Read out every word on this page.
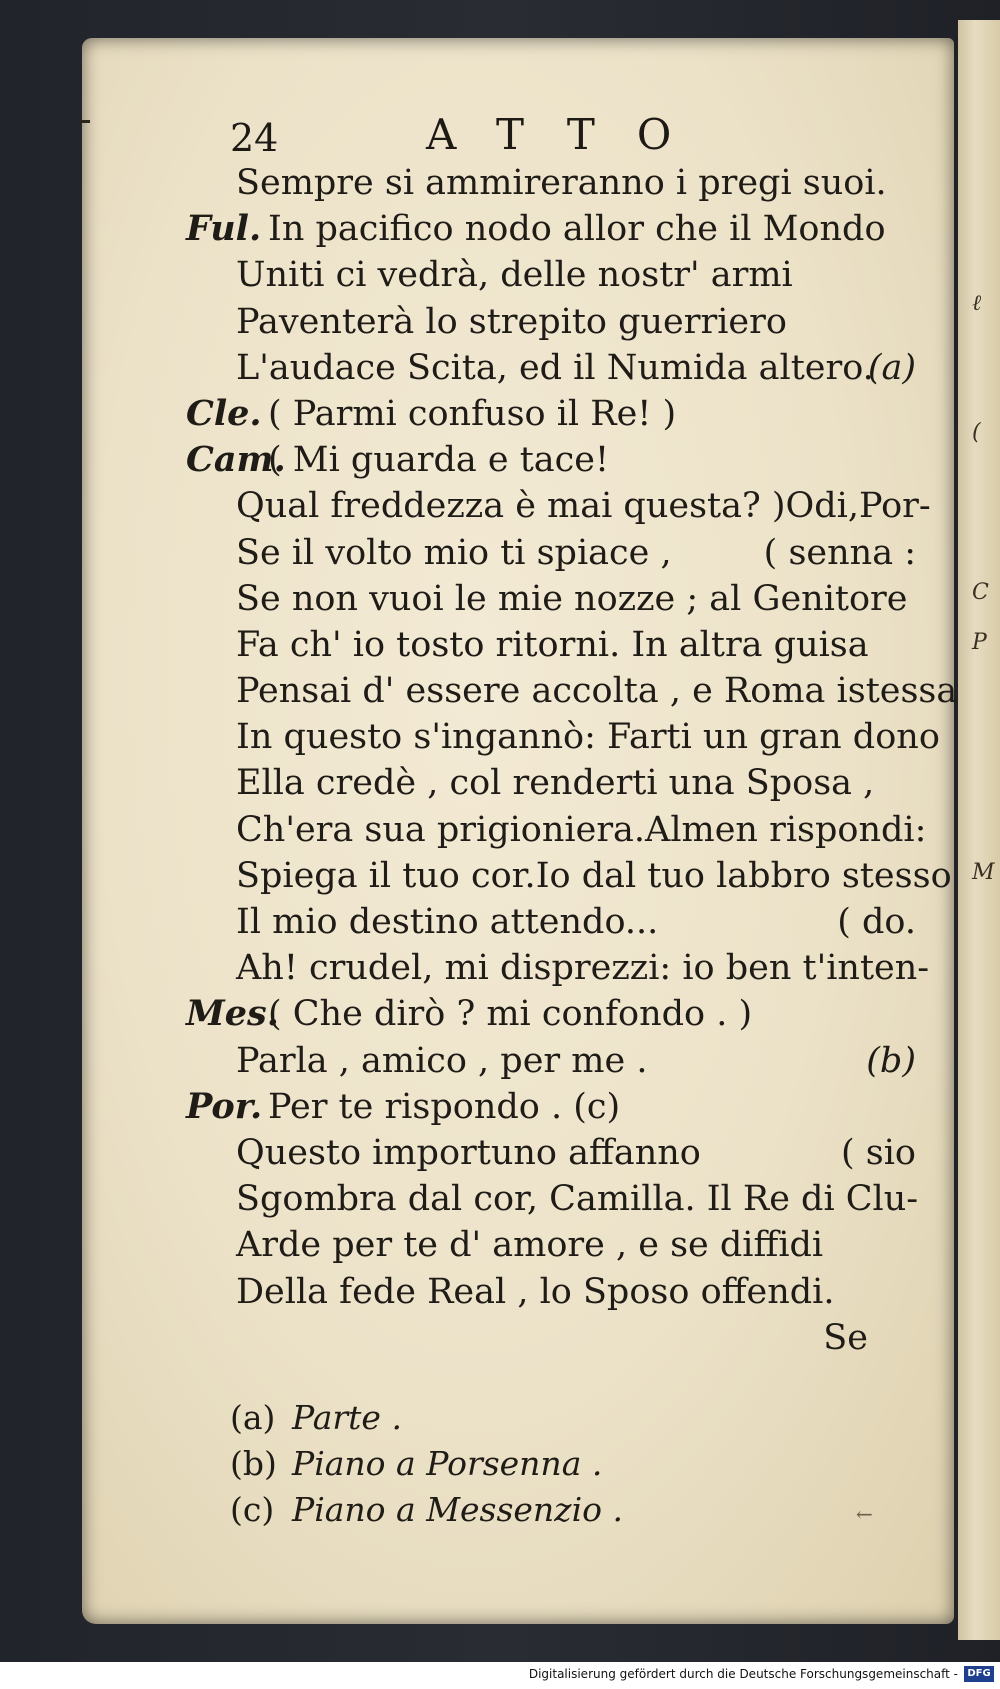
ℓ
(
C
P
M
24	ATTO
Sempre si ammireranno i pregi suoi.
Ful. In pacifico nodo allor che il Mondo
Uniti ci vedrà, delle nostr' armi
Paventerà lo strepito guerriero
L'audace Scita, ed il Numida altero.
(a)
Cle. ( Parmi confuso il Re! )
Cam.
( Mi guarda e tace!
Qual freddezza è mai questa? )Odi,Por-
Se il volto mio ti spiace ,	( senna :
Se non vuoi le mie nozze ; al Genitore
Fa ch' io tosto ritorni. In altra guisa
Pensai d' essere accolta , e Roma istessa
In questo s'ingannò: Farti un gran dono
Ella credè , col renderti una Sposa ,
Ch'era sua prigioniera.Almen rispondi:
Spiega il tuo cor.Io dal tuo labbro stesso
Il mio destino attendo...	( do.
Ah! crudel, mi disprezzi: io ben t'inten-
Mes.
( Che dirò ? mi confondo . )
Parla , amico , per me .	(b)
Por. Per te rispondo . (c)
Questo importuno affanno	( sio
Sgombra dal cor, Camilla. Il Re di Clu-
Arde per te d' amore , e se diffidi
Della fede Real , lo Sposo offendi.
Se
(a) Parte .
(b) Piano a Porsenna .
(c) Piano a Messenzio .	←
Digitalisierung gefördert durch die Deutsche Forschungsgemeinschaft - DFG
